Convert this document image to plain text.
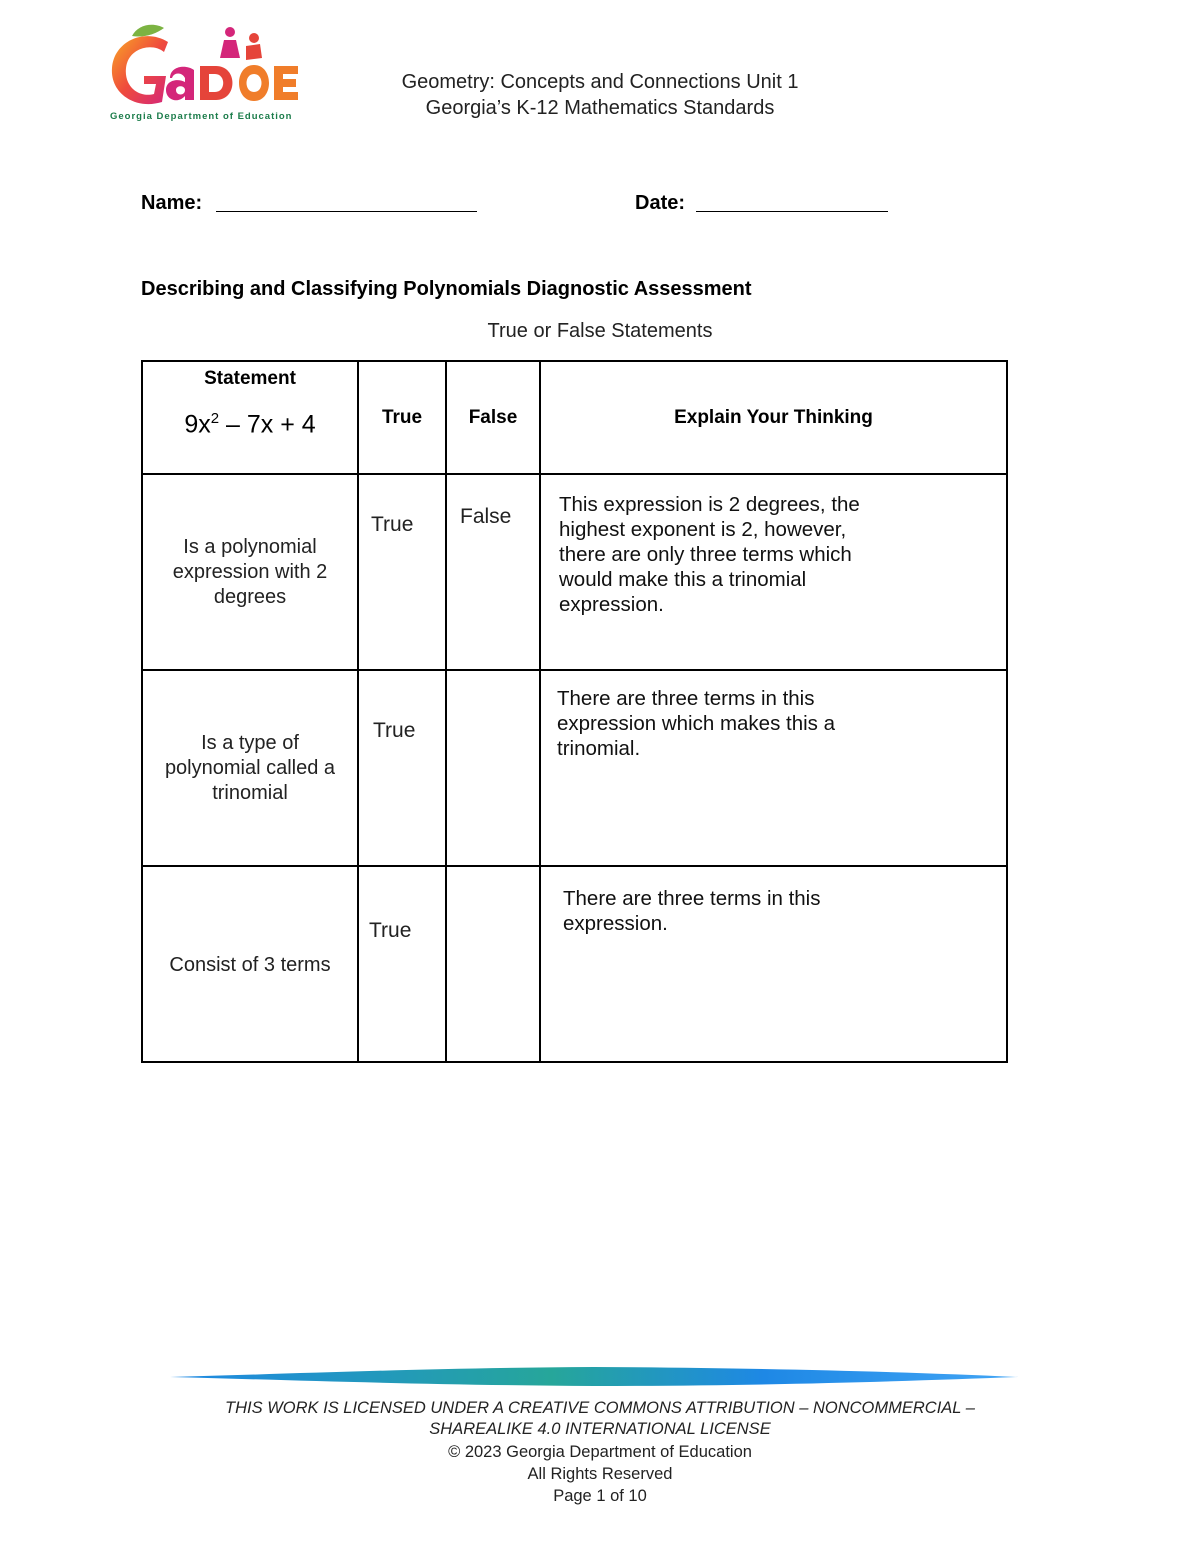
Georgia Department of Education
Geometry: Concepts and Connections Unit 1
Georgia’s K-12 Mathematics Standards
Name:	Date:
Describing and Classifying Polynomials Diagnostic Assessment
True or False Statements
Statement
$9x^2 - 7x + 4$	True	False	Explain Your Thinking
Is a polynomial expression with 2 degrees	True	False	This expression is 2 degrees, the highest exponent is 2, however, there are only three terms which would make this a trinomial expression.

Is a type of polynomial called a trinomial	True		There are three terms in this expression which makes this a trinomial.

Consist of 3 terms	True		There are three terms in this expression.
THIS WORK IS LICENSED UNDER A CREATIVE COMMONS ATTRIBUTION – NONCOMMERCIAL –
SHAREALIKE 4.0 INTERNATIONAL LICENSE
© 2023 Georgia Department of Education
All Rights Reserved
Page 1 of 10
